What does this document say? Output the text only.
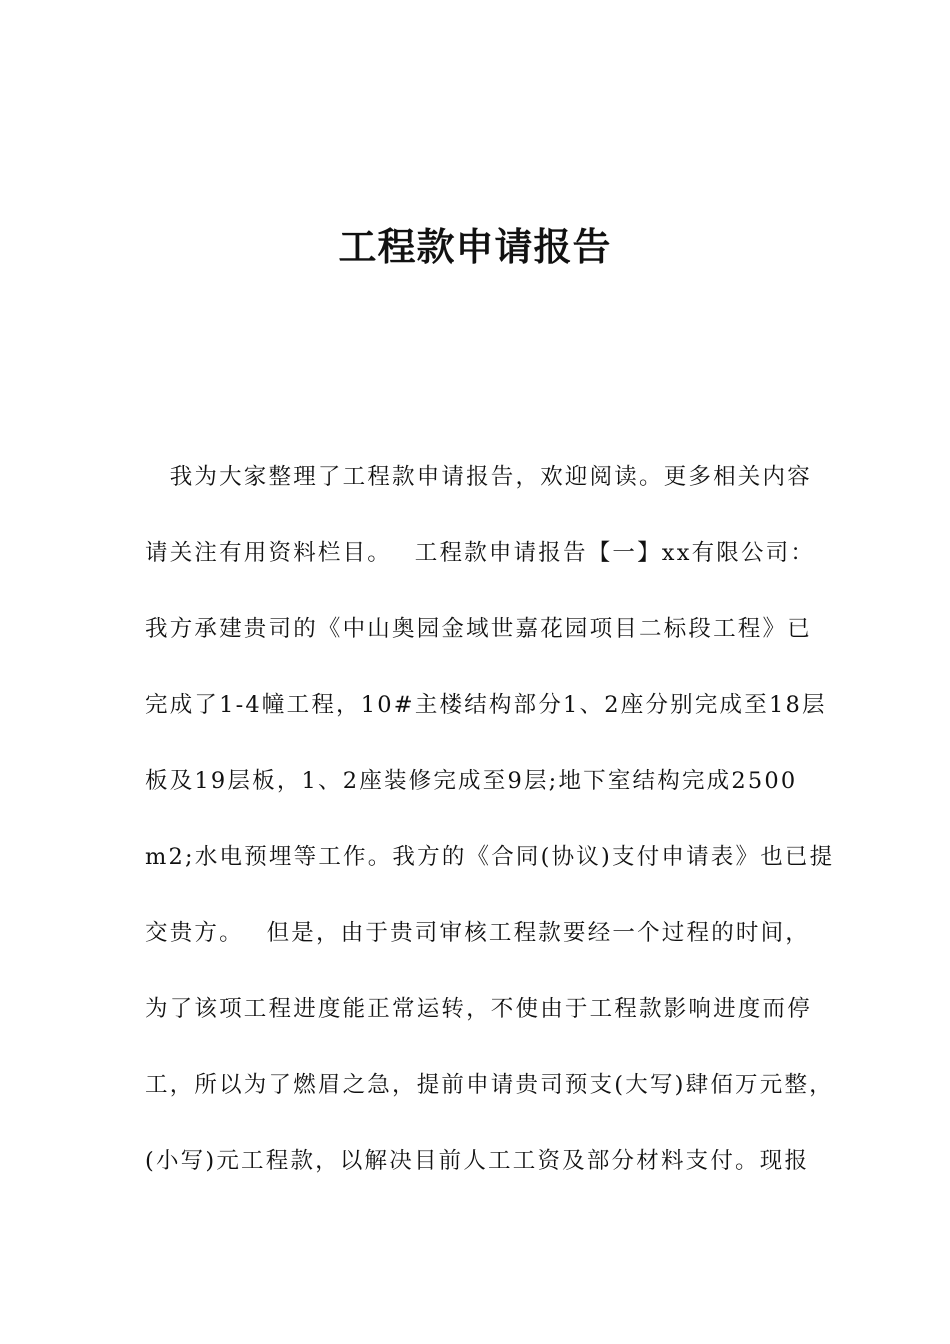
工程款申请报告
　我为大家整理了工程款申请报告，欢迎阅读。更多相关内容
请关注有用资料栏目。　 工程款申请报告【一】xx有限公司：
我方承建贵司的《中山奥园金域世嘉花园项目二标段工程》已
完成了1-4幢工程，10#主楼结构部分1、2座分别完成至18层
板及19层板，1、2座装修完成至9层;地下室结构完成2500
m2;水电预埋等工作。我方的《合同(协议)支付申请表》也已提
交贵方。　 但是，由于贵司审核工程款要经一个过程的时间，
为了该项工程进度能正常运转，不使由于工程款影响进度而停
工，所以为了燃眉之急，提前申请贵司预支(大写)肆佰万元整，
(小写)元工程款，以解决目前人工工资及部分材料支付。现报
